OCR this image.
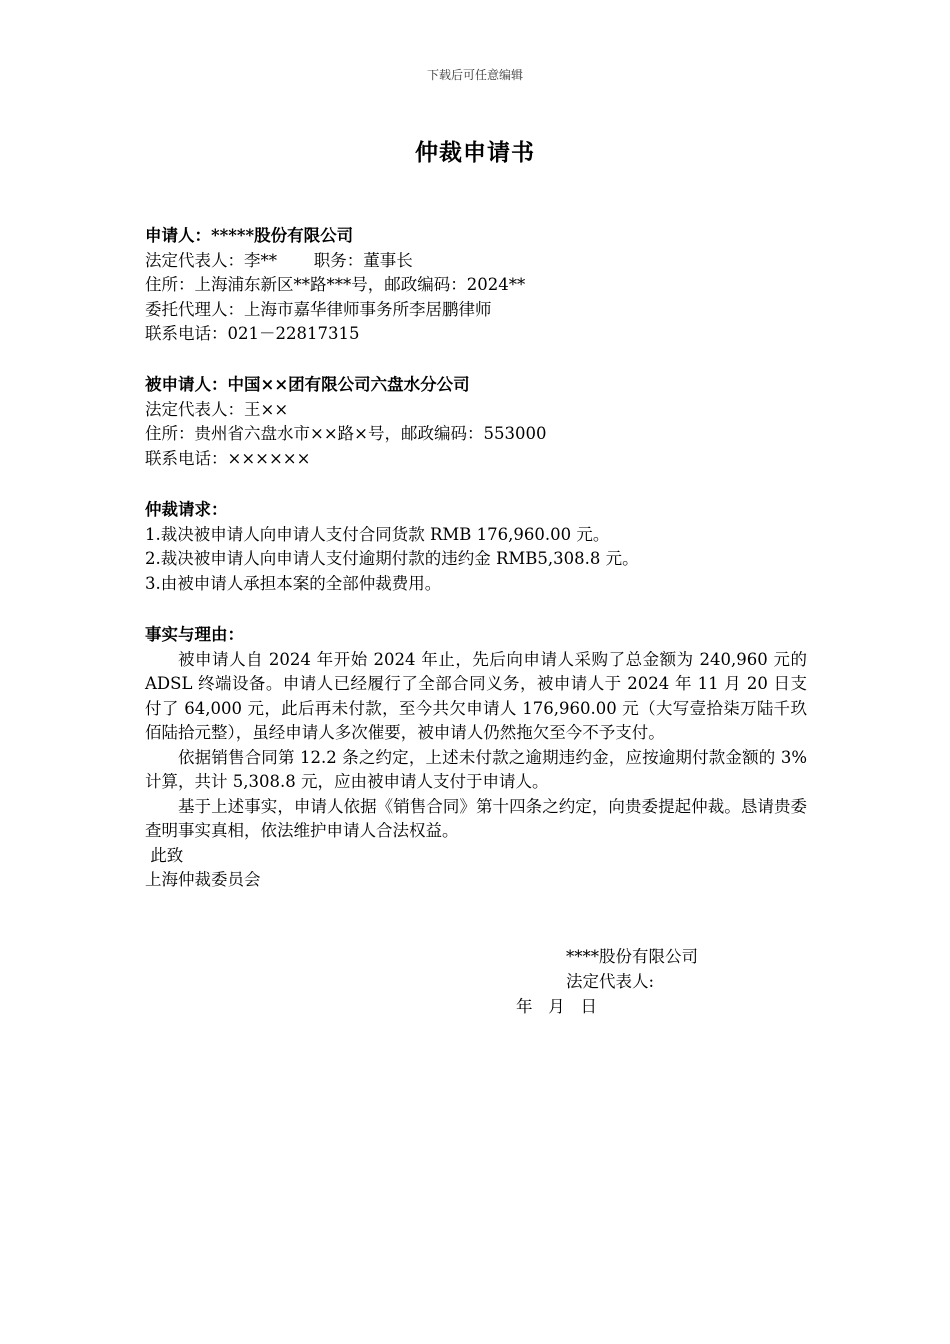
下载后可任意编辑
仲裁申请书
申请人：*****股份有限公司
法定代表人：李**       职务：董事长
住所：上海浦东新区**路***号，邮政编码：2024**
委托代理人：上海市嘉华律师事务所李居鹏律师
联系电话：021－22817315
被申请人：中国××团有限公司六盘水分公司
法定代表人：王××
住所：贵州省六盘水市××路×号，邮政编码：553000
联系电话：××××××
仲裁请求：
1.裁决被申请人向申请人支付合同货款 RMB 176,960.00 元。
2.裁决被申请人向申请人支付逾期付款的违约金 RMB5,308.8 元。
3.由被申请人承担本案的全部仲裁费用。
事实与理由：
被申请人自 2024 年开始 2024 年止，先后向申请人采购了总金额为 240,960 元的 ADSL 终端设备。申请人已经履行了全部合同义务，被申请人于 2024 年 11 月 20 日支付了 64,000 元，此后再未付款，至今共欠申请人 176,960.00 元（大写壹拾柒万陆千玖佰陆拾元整），虽经申请人多次催要，被申请人仍然拖欠至今不予支付。
依据销售合同第 12.2 条之约定，上述未付款之逾期违约金，应按逾期付款金额的 3%计算，共计 5,308.8 元，应由被申请人支付于申请人。
基于上述事实，申请人依据《销售合同》第十四条之约定，向贵委提起仲裁。恳请贵委查明事实真相，依法维护申请人合法权益。
此致
上海仲裁委员会
****股份有限公司
法定代表人:
年   月   日
